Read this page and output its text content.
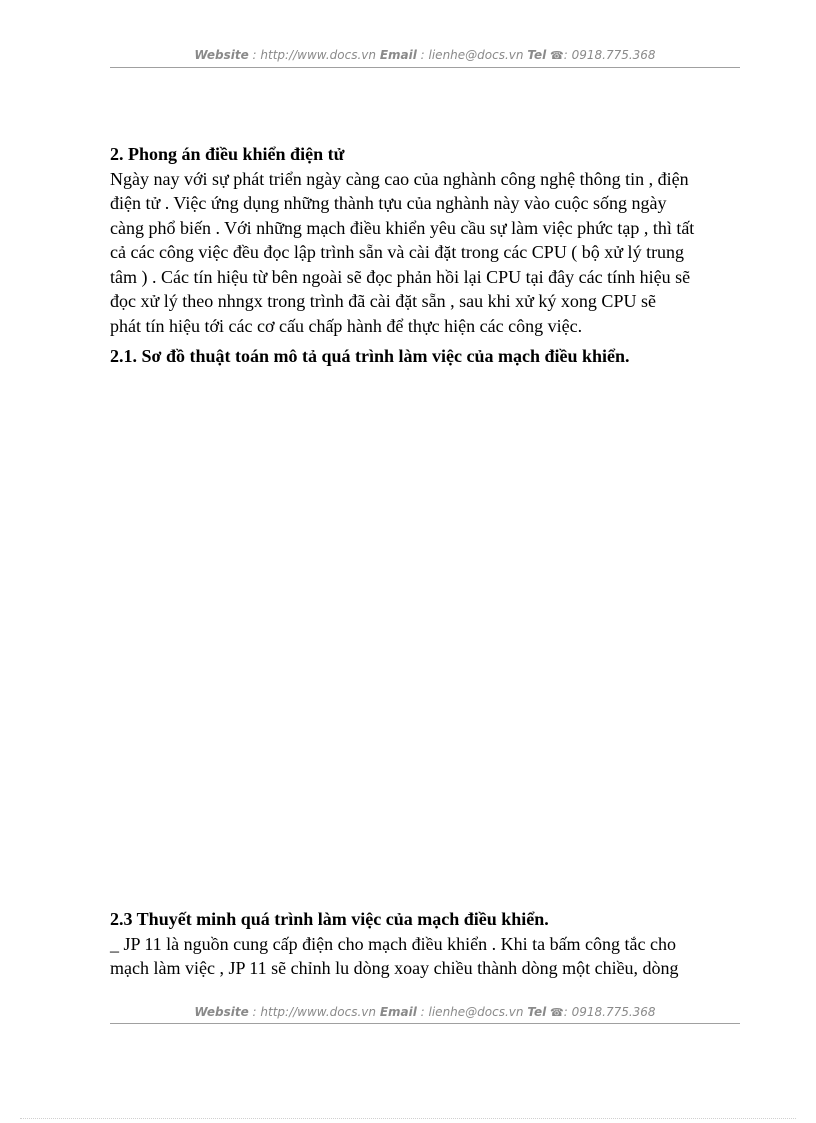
Website : http://www.docs.vn Email : lienhe@docs.vn Tel ☎: 0918.775.368
2. Phong án điều khiển điện tử
Ngày nay với sự phát triển ngày càng cao của nghành công nghệ thông tin , điện
điện tử . Việc ứng dụng những thành tựu của nghành này vào cuộc sống ngày
càng phổ biến . Với những mạch điều khiển yêu cầu sự làm việc phức tạp , thì tất
cả các công việc đều đọc lập trình sẵn và cài đặt trong các CPU ( bộ xử lý trung
tâm ) . Các tín hiệu từ bên ngoài sẽ đọc phản hồi lại CPU tại đây các tính hiệu sẽ
đọc xử lý theo nhngx trong trình đã cài đặt sẵn , sau khi xử ký xong CPU sẽ
phát tín hiệu tới các cơ cấu chấp hành để thực hiện các công việc.
2.1. Sơ đồ thuật toán mô tả quá trình làm việc của mạch điều khiển.
2.3 Thuyết minh quá trình làm việc của mạch điều khiển.
_ JP 11 là nguồn cung cấp điện cho mạch điều khiển . Khi ta bấm công tắc cho
mạch làm việc , JP 11 sẽ chỉnh lu dòng xoay chiều thành dòng một chiều, dòng
Website : http://www.docs.vn Email : lienhe@docs.vn Tel ☎: 0918.775.368
